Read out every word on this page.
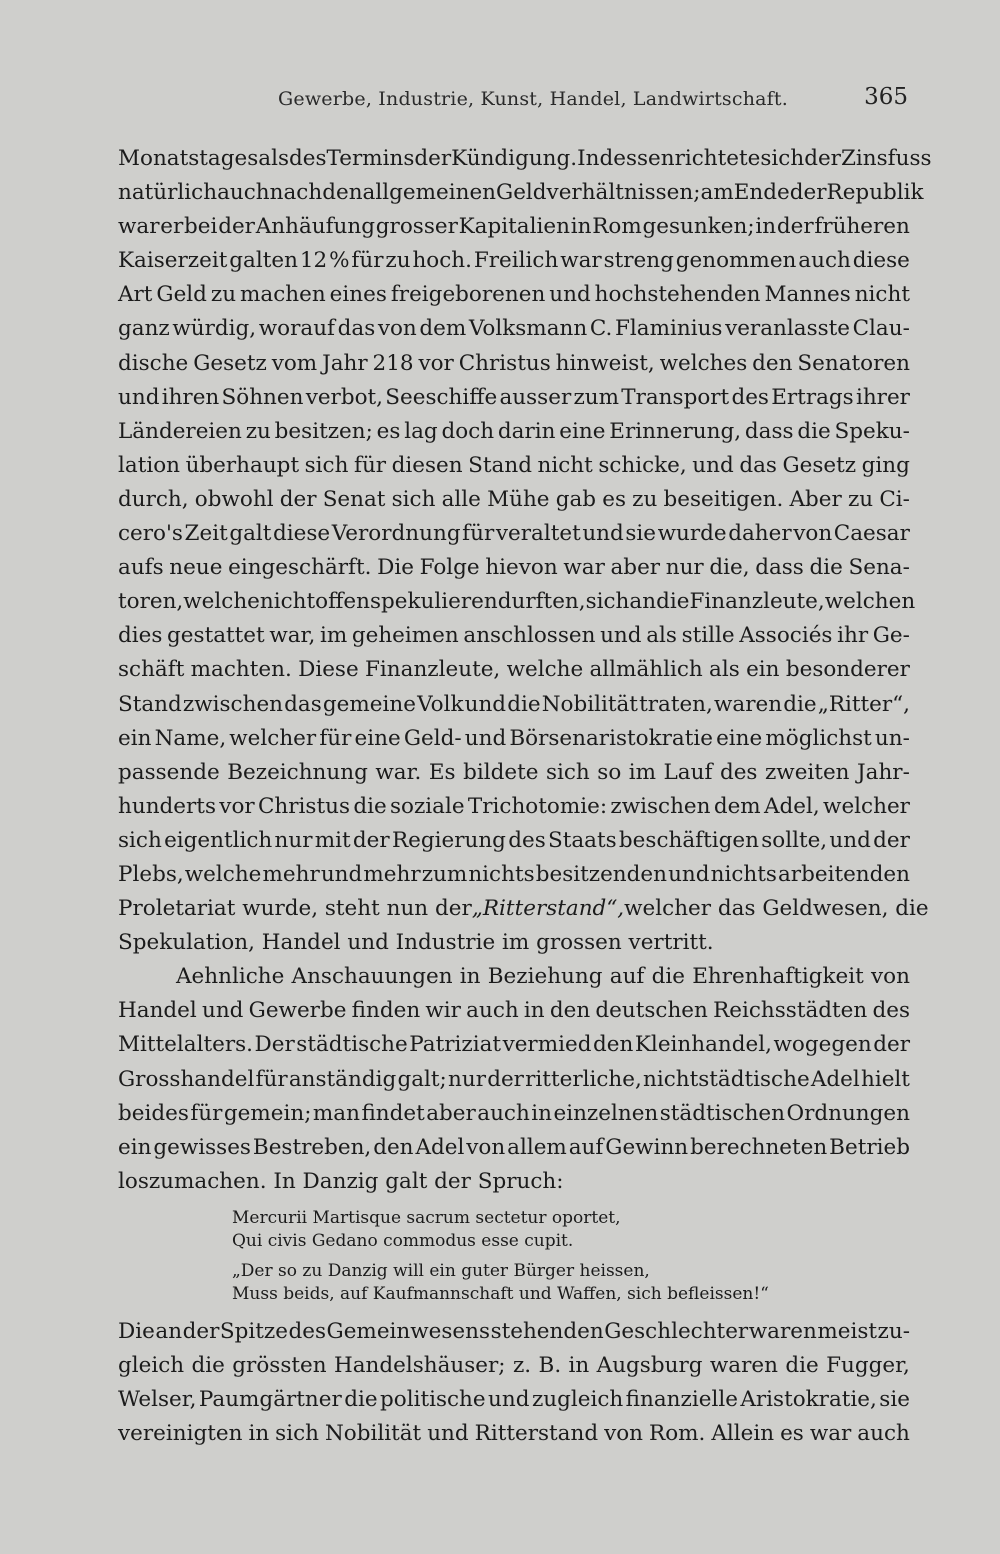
Gewerbe, Industrie, Kunst, Handel, Landwirtschaft.	365
Monatstages als des Termins der Kündigung. Indessen richtete sich der Zinsfuss
natürlich auch nach den allgemeinen Geldverhältnissen; am Ende der Republik
war er bei der Anhäufung grosser Kapitalien in Rom gesunken; in der früheren
Kaiserzeit galten 12 % für zu hoch. Freilich war streng genommen auch diese
Art Geld zu machen eines freigeborenen und hochstehenden Mannes nicht
ganz würdig, worauf das von dem Volksmann C. Flaminius veranlasste Clau-
dische Gesetz vom Jahr 218 vor Christus hinweist, welches den Senatoren
und ihren Söhnen verbot, Seeschiffe ausser zum Transport des Ertrags ihrer
Ländereien zu besitzen; es lag doch darin eine Erinnerung, dass die Speku-
lation überhaupt sich für diesen Stand nicht schicke, und das Gesetz ging
durch, obwohl der Senat sich alle Mühe gab es zu beseitigen. Aber zu Ci-
cero's Zeit galt diese Verordnung für veraltet und sie wurde daher von Caesar
aufs neue eingeschärft. Die Folge hievon war aber nur die, dass die Sena-
toren, welche nicht offen spekulieren durften, sich an die Finanzleute, welchen
dies gestattet war, im geheimen anschlossen und als stille Associés ihr Ge-
schäft machten. Diese Finanzleute, welche allmählich als ein besonderer
Stand zwischen das gemeine Volk und die Nobilität traten, waren die „Ritter“,
ein Name, welcher für eine Geld- und Börsenaristokratie eine möglichst un-
passende Bezeichnung war. Es bildete sich so im Lauf des zweiten Jahr-
hunderts vor Christus die soziale Trichotomie: zwischen dem Adel, welcher
sich eigentlich nur mit der Regierung des Staats beschäftigen sollte, und der
Plebs, welche mehr und mehr zum nichts besitzenden und nichts arbeitenden
Proletariat wurde, steht nun der „Ritterstand“, welcher das Geldwesen, die
Spekulation, Handel und Industrie im grossen vertritt.
Aehnliche Anschauungen in Beziehung auf die Ehrenhaftigkeit von
Handel und Gewerbe finden wir auch in den deutschen Reichsstädten des
Mittelalters. Der städtische Patriziat vermied den Kleinhandel, wogegen der
Grosshandel für anständig galt; nur der ritterliche, nichtstädtische Adel hielt
beides für gemein; man findet aber auch in einzelnen städtischen Ordnungen
ein gewisses Bestreben, den Adel von allem auf Gewinn berechneten Betrieb
loszumachen. In Danzig galt der Spruch:
Mercurii Martisque sacrum sectetur oportet,
Qui civis Gedano commodus esse cupit.
„Der so zu Danzig will ein guter Bürger heissen,
Muss beids, auf Kaufmannschaft und Waffen, sich befleissen!“
Die an der Spitze des Gemeinwesens stehenden Geschlechter waren meist zu-
gleich die grössten Handelshäuser; z. B. in Augsburg waren die Fugger,
Welser, Paumgärtner die politische und zugleich finanzielle Aristokratie, sie
vereinigten in sich Nobilität und Ritterstand von Rom. Allein es war auch
